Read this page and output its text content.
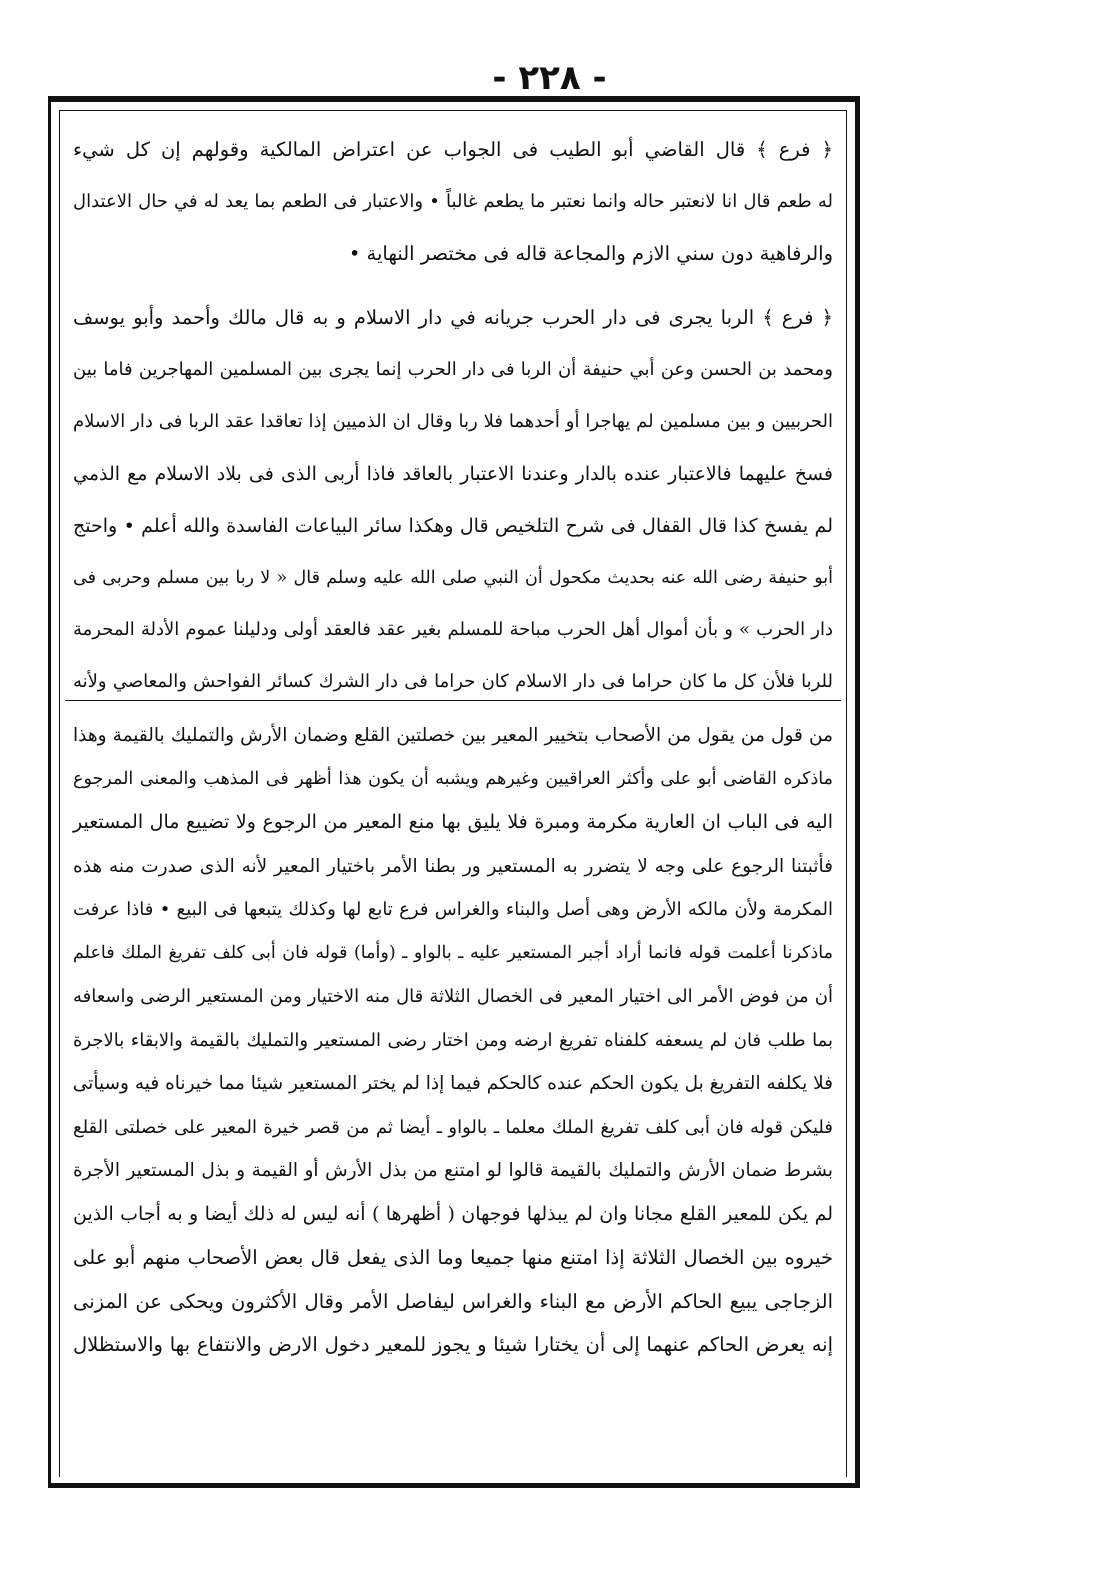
- ٢٢٨ -
﴿ فرع ﴾ قال القاضي أبو الطيب فى الجواب عن اعتراض المالكية وقولهم إن كل شيء
له طعم قال انا لانعتبر حاله وانما نعتبر ما يطعم غالباً • والاعتبار فى الطعم بما يعد له في حال الاعتدال
والرفاهية دون سني الازم والمجاعة قاله فى مختصر النهاية •
﴿ فرع ﴾ الربا يجرى فى دار الحرب جريانه في دار الاسلام و به قال مالك وأحمد وأبو يوسف
ومحمد بن الحسن وعن أبي حنيفة أن الربا فى دار الحرب إنما يجرى بين المسلمين المهاجرين فاما بين
الحربيين و بين مسلمين لم يهاجرا أو أحدهما فلا ربا وقال ان الذميين إذا تعاقدا عقد الربا فى دار الاسلام
فسخ عليهما فالاعتبار عنده بالدار وعندنا الاعتبار بالعاقد فاذا أربى الذى فى بلاد الاسلام مع الذمي
لم يفسخ كذا قال القفال فى شرح التلخيص قال وهكذا سائر البياعات الفاسدة والله أعلم • واحتج
أبو حنيفة رضى الله عنه بحديث مكحول أن النبي صلى الله عليه وسلم قال « لا ربا بين مسلم وحربى فى
دار الحرب » و بأن أموال أهل الحرب مباحة للمسلم بغير عقد فالعقد أولى ودليلنا عموم الأدلة المحرمة
للربا فلأن كل ما كان حراما فى دار الاسلام كان حراما فى دار الشرك كسائر الفواحش والمعاصي ولأنه
من قول من يقول من الأصحاب بتخيير المعير بين خصلتين القلع وضمان الأرش والتمليك بالقيمة وهذا
ماذكره القاضى أبو على وأكثر العراقيين وغيرهم ويشبه أن يكون هذا أظهر فى المذهب والمعنى المرجوع
اليه فى الباب ان العارية مكرمة ومبرة فلا يليق بها منع المعير من الرجوع ولا تضييع مال المستعير
فأثبتنا الرجوع على وجه لا يتضرر به المستعير ور بطنا الأمر باختيار المعير لأنه الذى صدرت منه هذه
المكرمة ولأن مالكه الأرض وهى أصل والبناء والغراس فرع تابع لها وكذلك يتبعها فى البيع • فاذا عرفت
ماذكرنا أعلمت قوله فانما أراد أجبر المستعير عليه ـ بالواو ـ (وأما) قوله فان أبى كلف تفريغ الملك فاعلم
أن من فوض الأمر الى اختيار المعير فى الخصال الثلاثة قال منه الاختيار ومن المستعير الرضى واسعافه
بما طلب فان لم يسعفه كلفناه تفريغ ارضه ومن اختار رضى المستعير والتمليك بالقيمة والابقاء بالاجرة
فلا يكلفه التفريغ بل يكون الحكم عنده كالحكم فيما إذا لم يختر المستعير شيئا مما خيرناه فيه وسيأتى
فليكن قوله فان أبى كلف تفريغ الملك معلما ـ بالواو ـ أيضا ثم من قصر خيرة المعير على خصلتى القلع
بشرط ضمان الأرش والتمليك بالقيمة قالوا لو امتنع من بذل الأرش أو القيمة و بذل المستعير الأجرة
لم يكن للمعير القلع مجانا وان لم يبذلها فوجهان ( أظهرها ) أنه ليس له ذلك أيضا و به أجاب الذين
خيروه بين الخصال الثلاثة إذا امتنع منها جميعا وما الذى يفعل قال بعض الأصحاب منهم أبو على
الزجاجى يبيع الحاكم الأرض مع البناء والغراس ليفاصل الأمر وقال الأكثرون ويحكى عن المزنى
إنه يعرض الحاكم عنهما إلى أن يختارا شيئا و يجوز للمعير دخول الارض والانتفاع بها والاستظلال
